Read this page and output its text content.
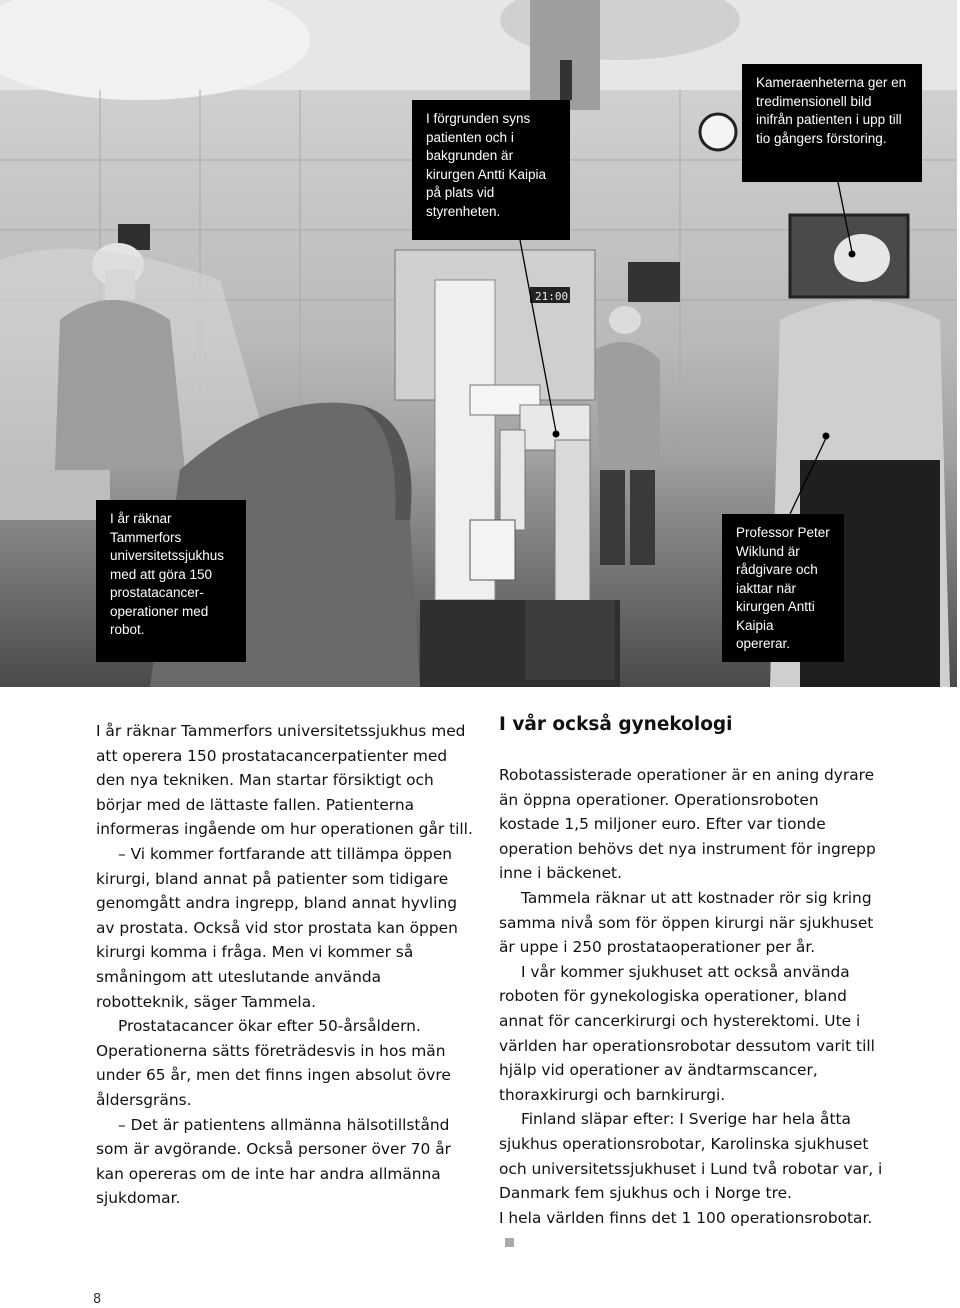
21:00
I förgrunden syns patienten och i bakgrunden är kirurgen Antti Kaipia på plats vid styrenheten.
Kameraenheterna ger en tredimensionell bild inifrån patienten i upp till tio gångers förstoring.
I år räknar Tammerfors universitetssjukhus med att göra 150 prostatacancer-operationer med robot.
Professor Peter Wiklund är rådgivare och iakttar när kirurgen Antti Kaipia opererar.

I år räknar Tammerfors universitetssjukhus med att operera 150 prostatacancerpatienter med den nya tekniken. Man startar försiktigt och börjar med de lättaste fallen. Patienterna informeras ingående om hur operationen går till.

– Vi kommer fortfarande att tillämpa öppen kirurgi, bland annat på patienter som tidigare genomgått andra ingrepp, bland annat hyvling av prostata. Också vid stor prostata kan öppen kirurgi komma i fråga. Men vi kommer så småningom att uteslutande använda robotteknik, säger Tammela.

Prostatacancer ökar efter 50-årsåldern. Operationerna sätts företrädesvis in hos män under 65 år, men det finns ingen absolut övre åldersgräns.

– Det är patientens allmänna hälsotillstånd som är avgörande. Också personer över 70 år kan opereras om de inte har andra allmänna sjukdomar.

I vår också gynekologi

Robotassisterade operationer är en aning dyrare än öppna operationer. Operationsroboten kostade 1,5 miljoner euro. Efter var tionde operation behövs det nya instrument för ingrepp inne i bäckenet.

Tammela räknar ut att kostnader rör sig kring samma nivå som för öppen kirurgi när sjukhuset är uppe i 250 prostataoperationer per år.

I vår kommer sjukhuset att också använda roboten för gynekologiska operationer, bland annat för cancerkirurgi och hysterektomi. Ute i världen har operationsrobotar dessutom varit till hjälp vid operationer av ändtarmscancer, thoraxkirurgi och barnkirurgi.

Finland släpar efter: I Sverige har hela åtta sjukhus operationsrobotar, Karolinska sjukhuset och universitetssjukhuset i Lund två robotar var, i Danmark fem sjukhus och i Norge tre.

I hela världen finns det 1 100 operationsrobotar.

8
